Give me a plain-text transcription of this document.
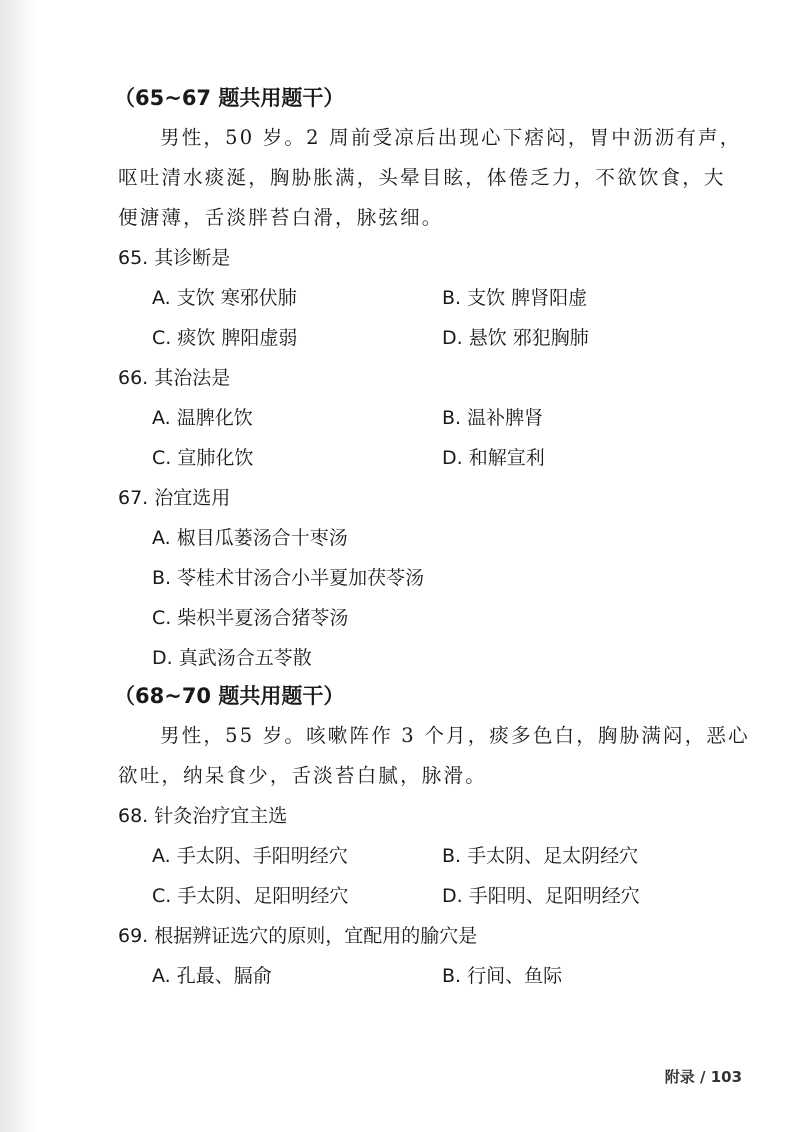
（65~67 题共用题干）
男性，50 岁。2 周前受凉后出现心下痞闷，胃中沥沥有声，
呕吐清水痰涎，胸胁胀满，头晕目眩，体倦乏力，不欲饮食，大
便溏薄，舌淡胖苔白滑，脉弦细。
65. 其诊断是
A. 支饮 寒邪伏肺	B. 支饮 脾肾阳虚
C. 痰饮 脾阳虚弱	D. 悬饮 邪犯胸肺
66. 其治法是
A. 温脾化饮	B. 温补脾肾
C. 宣肺化饮	D. 和解宣利
67. 治宜选用
A. 椒目瓜蒌汤合十枣汤
B. 苓桂术甘汤合小半夏加茯苓汤
C. 柴枳半夏汤合猪苓汤
D. 真武汤合五苓散
（68~70 题共用题干）
男性，55 岁。咳嗽阵作 3 个月，痰多色白，胸胁满闷，恶心
欲吐，纳呆食少，舌淡苔白腻，脉滑。
68. 针灸治疗宜主选
A. 手太阴、手阳明经穴	B. 手太阴、足太阴经穴
C. 手太阴、足阳明经穴	D. 手阳明、足阳明经穴
69. 根据辨证选穴的原则，宜配用的腧穴是
A. 孔最、膈俞	B. 行间、鱼际
附录 / 103
